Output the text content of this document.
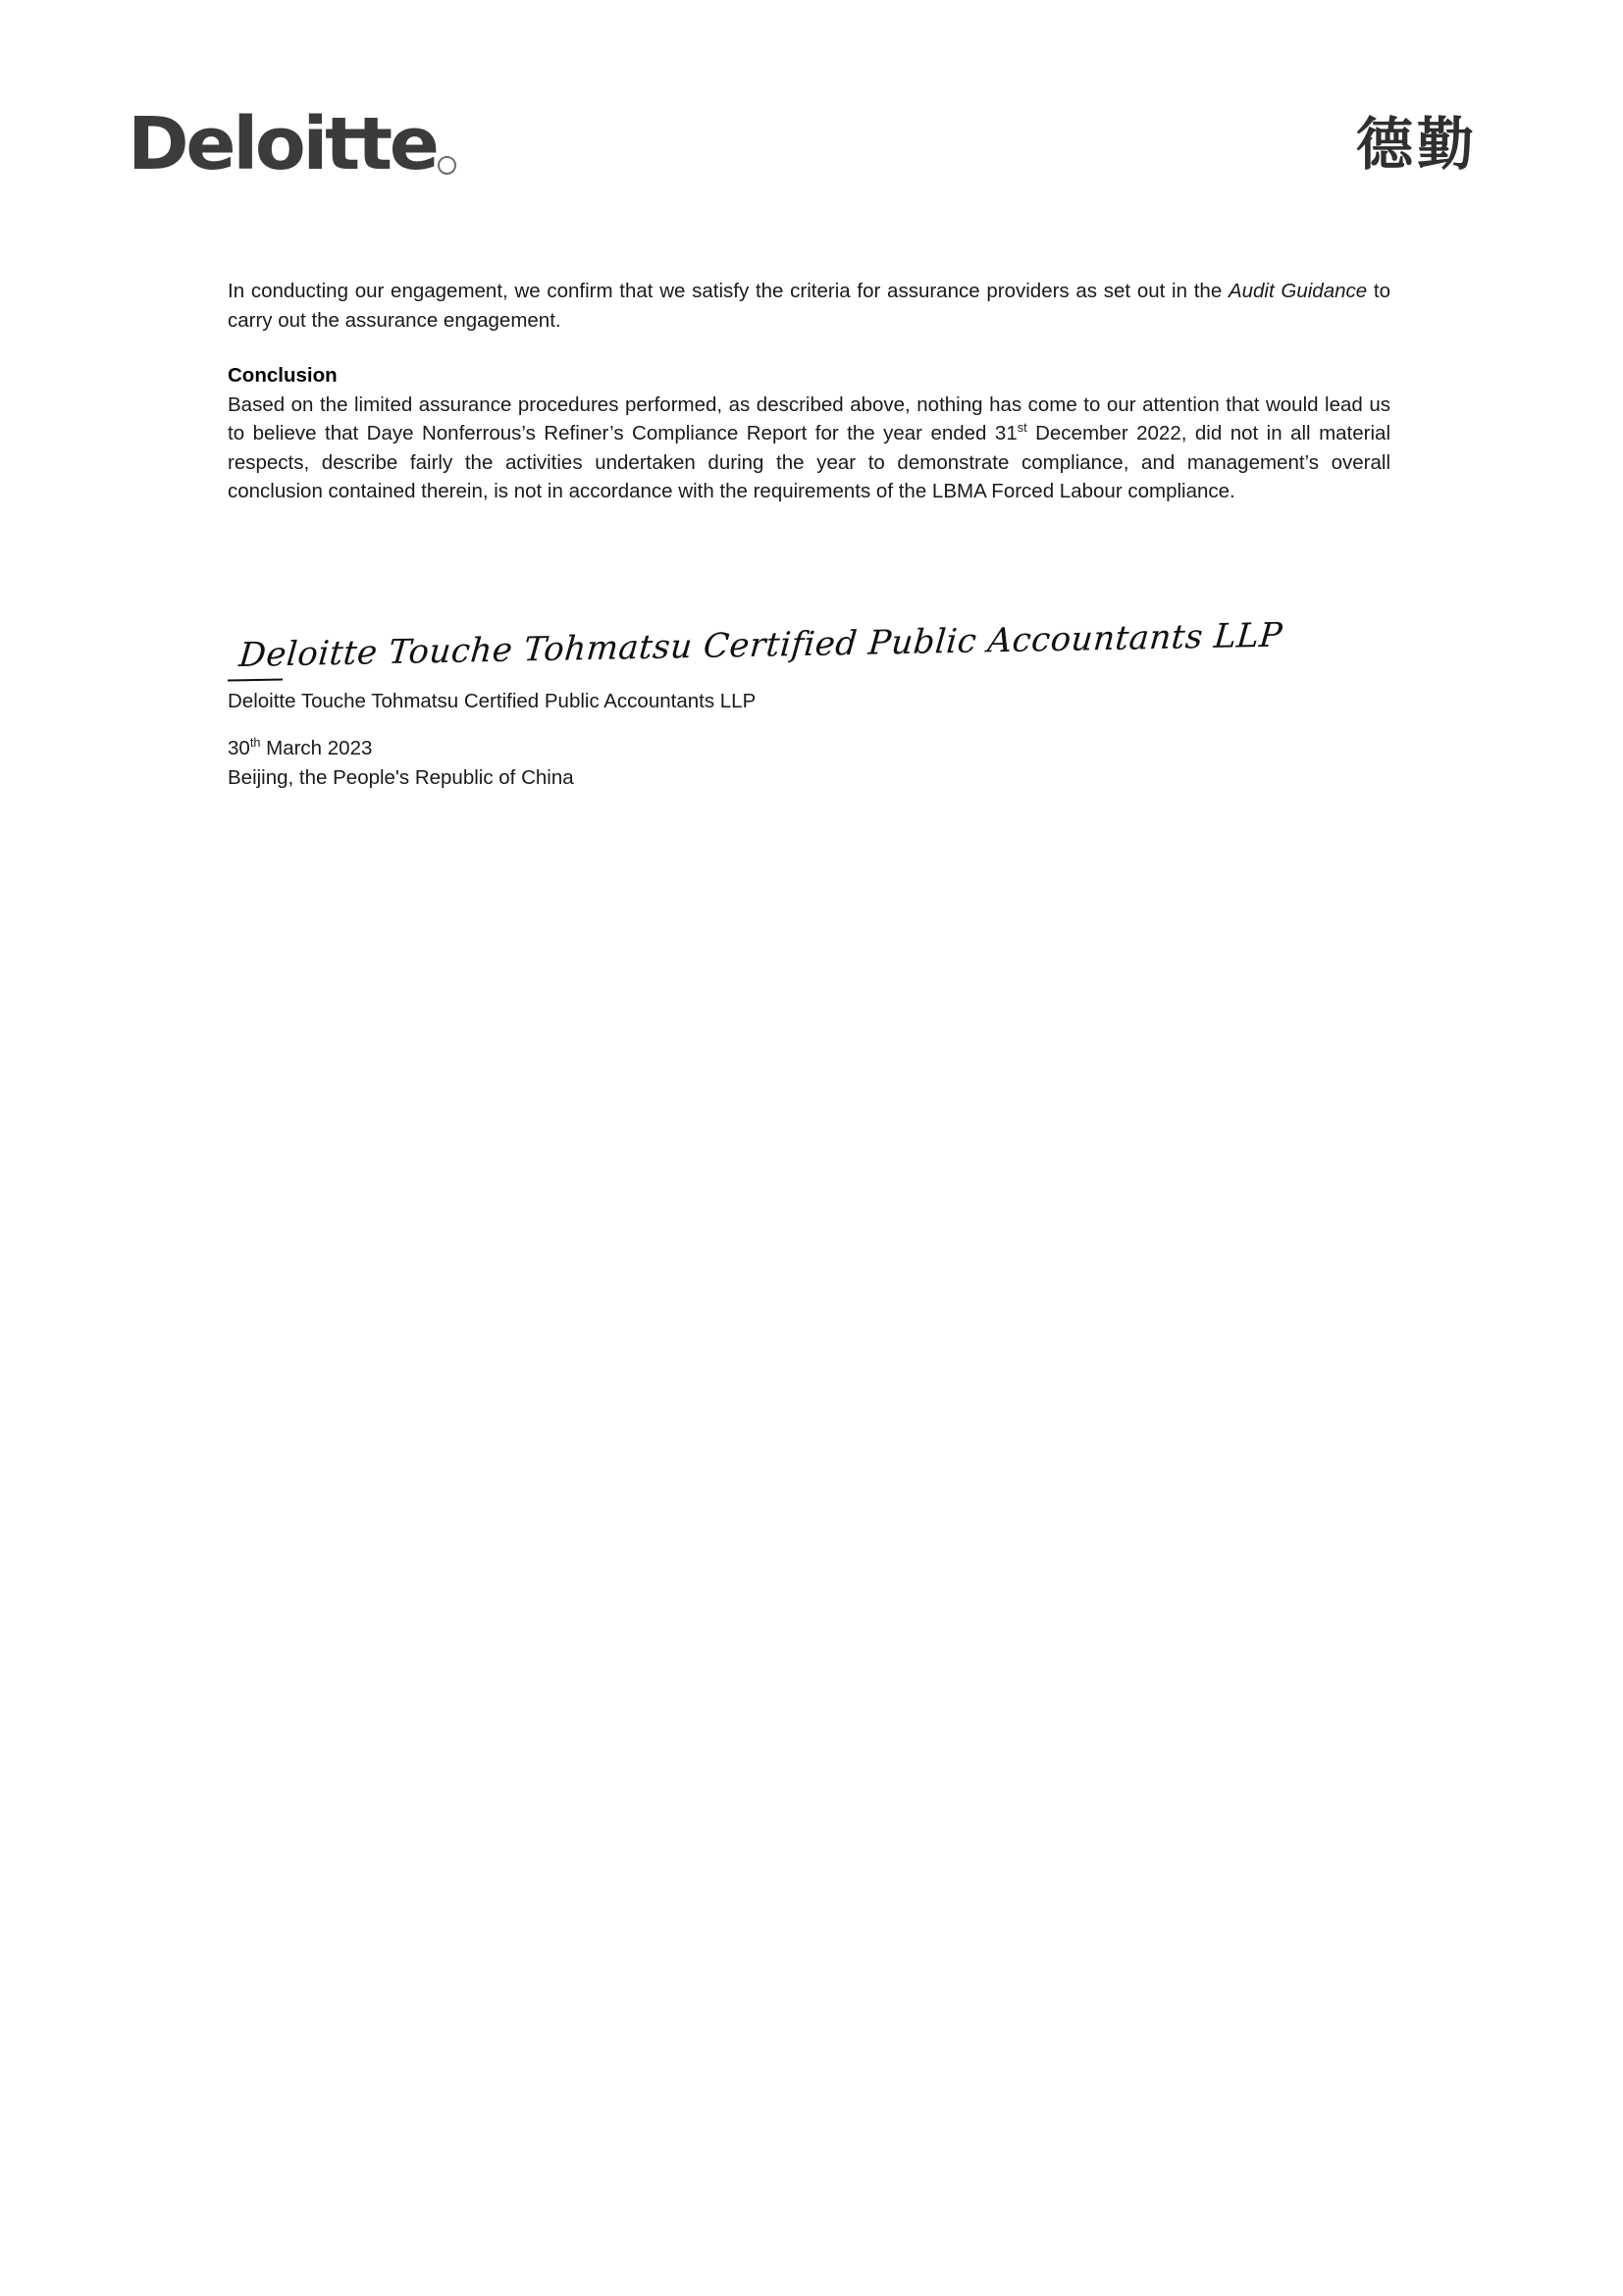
Deloitte	德勤

In conducting our engagement, we confirm that we satisfy the criteria for assurance providers as set out in the Audit Guidance to carry out the assurance engagement.

Conclusion

Based on the limited assurance procedures performed, as described above, nothing has come to our attention that would lead us to believe that Daye Nonferrous’s Refiner’s Compliance Report for the year ended 31st December 2022, did not in all material respects, describe fairly the activities undertaken during the year to demonstrate compliance, and management’s overall conclusion contained therein, is not in accordance with the requirements of the LBMA Forced Labour compliance.

Deloitte Touche Tohmatsu Certified Public Accountants LLP
Deloitte Touche Tohmatsu Certified Public Accountants LLP
30th March 2023
Beijing, the People's Republic of China
